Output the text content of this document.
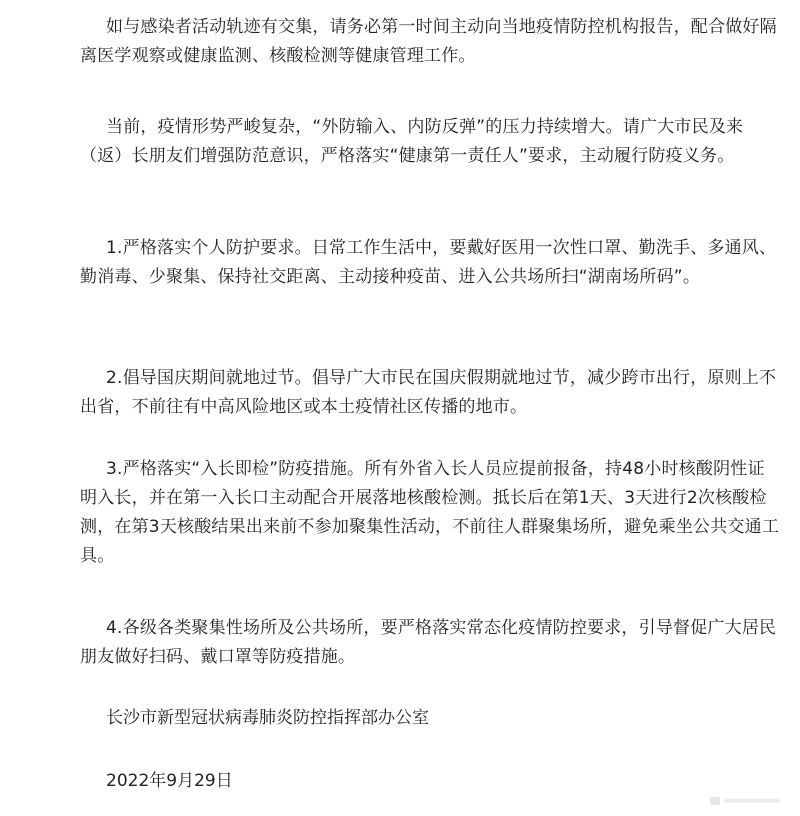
如与感染者活动轨迹有交集，请务必第一时间主动向当地疫情防控机构报告，配合做好隔离医学观察或健康监测、核酸检测等健康管理工作。

当前，疫情形势严峻复杂，“外防输入、内防反弹”的压力持续增大。请广大市民及来（返）长朋友们增强防范意识，严格落实“健康第一责任人”要求，主动履行防疫义务。

1.严格落实个人防护要求。日常工作生活中，要戴好医用一次性口罩、勤洗手、多通风、勤消毒、少聚集、保持社交距离、主动接种疫苗、进入公共场所扫“湖南场所码”。

2.倡导国庆期间就地过节。倡导广大市民在国庆假期就地过节，减少跨市出行，原则上不出省，不前往有中高风险地区或本土疫情社区传播的地市。

3.严格落实“入长即检”防疫措施。所有外省入长人员应提前报备，持48小时核酸阴性证明入长，并在第一入长口主动配合开展落地核酸检测。抵长后在第1天、3天进行2次核酸检测，在第3天核酸结果出来前不参加聚集性活动，不前往人群聚集场所，避免乘坐公共交通工具。

4.各级各类聚集性场所及公共场所，要严格落实常态化疫情防控要求，引导督促广大居民朋友做好扫码、戴口罩等防疫措施。

长沙市新型冠状病毒肺炎防控指挥部办公室

2022年9月29日
